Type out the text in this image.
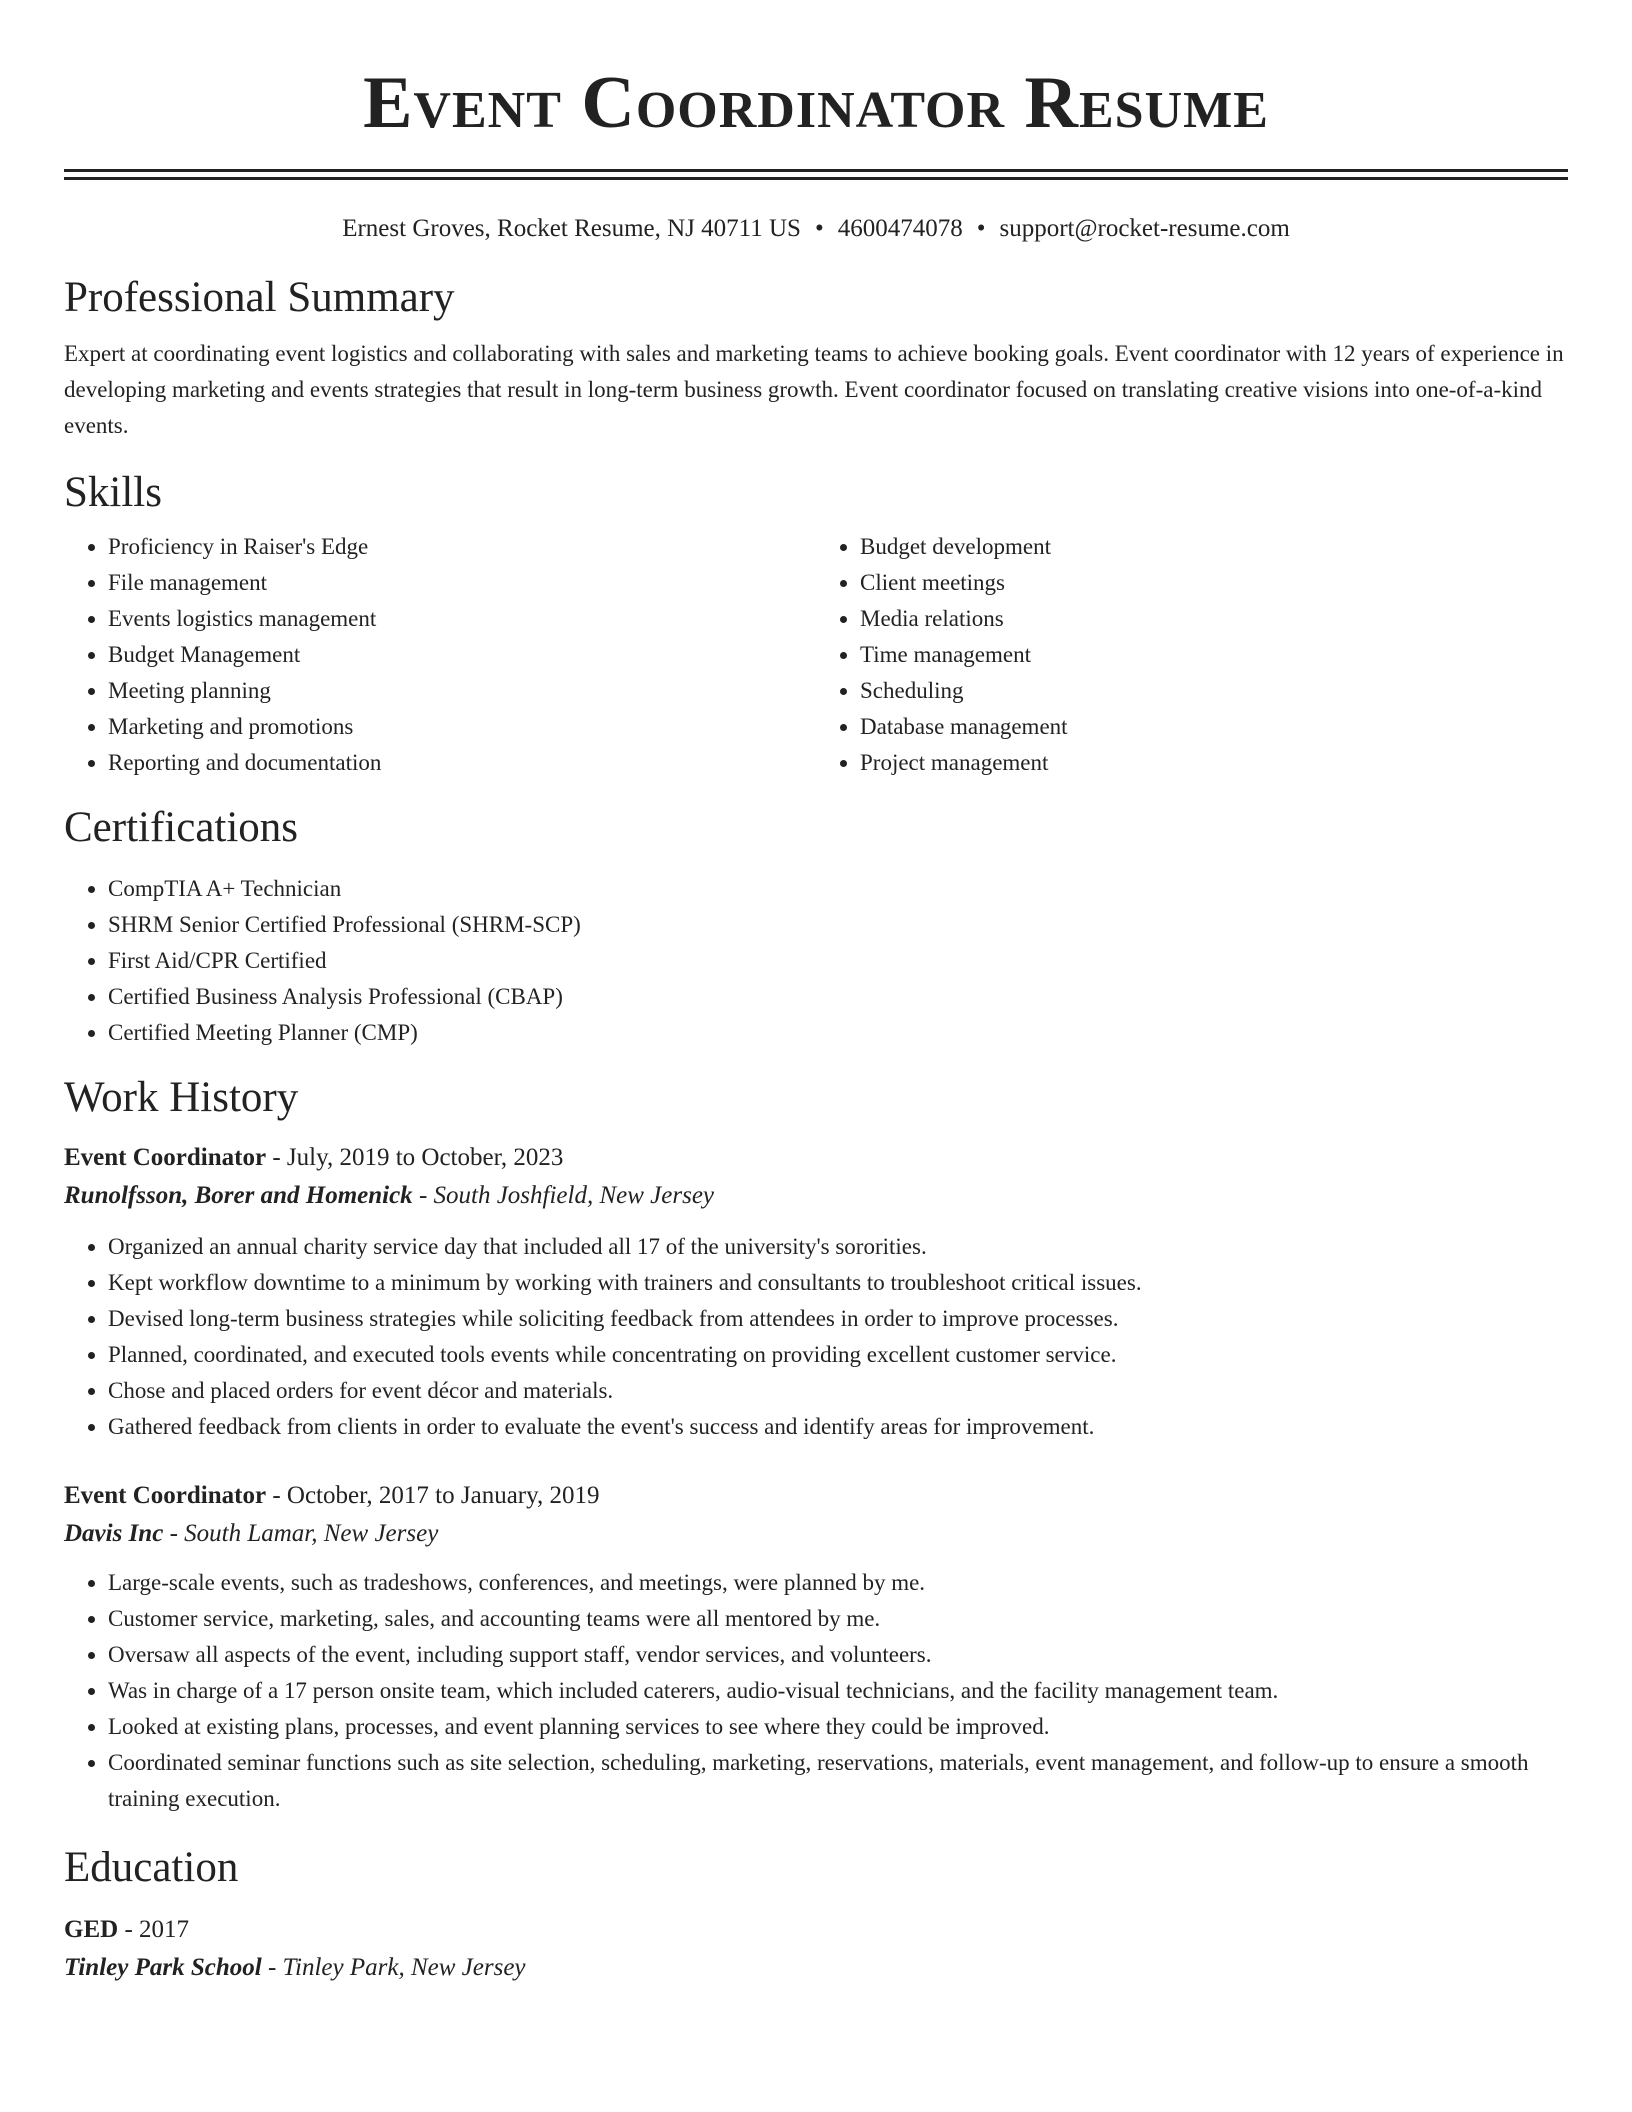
Event Coordinator Resume
Ernest Groves, Rocket Resume, NJ 40711 US • 4600474078 • support@rocket-resume.com
Professional Summary

Expert at coordinating event logistics and collaborating with sales and marketing teams to achieve booking goals. Event coordinator with 12 years of experience in developing marketing and events strategies that result in long-term business growth. Event coordinator focused on translating creative visions into one-of-a-kind events.

Skills
• Proficiency in Raiser's Edge
• File management
• Events logistics management
• Budget Management
• Meeting planning
• Marketing and promotions
• Reporting and documentation
• Budget development
• Client meetings
• Media relations
• Time management
• Scheduling
• Database management
• Project management
Certifications
• CompTIA A+ Technician
• SHRM Senior Certified Professional (SHRM-SCP)
• First Aid/CPR Certified
• Certified Business Analysis Professional (CBAP)
• Certified Meeting Planner (CMP)
Work History
Event Coordinator - July, 2019 to October, 2023
Runolfsson, Borer and Homenick - South Joshfield, New Jersey
• Organized an annual charity service day that included all 17 of the university's sororities.
• Kept workflow downtime to a minimum by working with trainers and consultants to troubleshoot critical issues.
• Devised long-term business strategies while soliciting feedback from attendees in order to improve processes.
• Planned, coordinated, and executed tools events while concentrating on providing excellent customer service.
• Chose and placed orders for event décor and materials.
• Gathered feedback from clients in order to evaluate the event's success and identify areas for improvement.
Event Coordinator - October, 2017 to January, 2019
Davis Inc - South Lamar, New Jersey
• Large-scale events, such as tradeshows, conferences, and meetings, were planned by me.
• Customer service, marketing, sales, and accounting teams were all mentored by me.
• Oversaw all aspects of the event, including support staff, vendor services, and volunteers.
• Was in charge of a 17 person onsite team, which included caterers, audio-visual technicians, and the facility management team.
• Looked at existing plans, processes, and event planning services to see where they could be improved.
• Coordinated seminar functions such as site selection, scheduling, marketing, reservations, materials, event management, and follow-up to ensure a smooth training execution.
Education
GED - 2017
Tinley Park School - Tinley Park, New Jersey
